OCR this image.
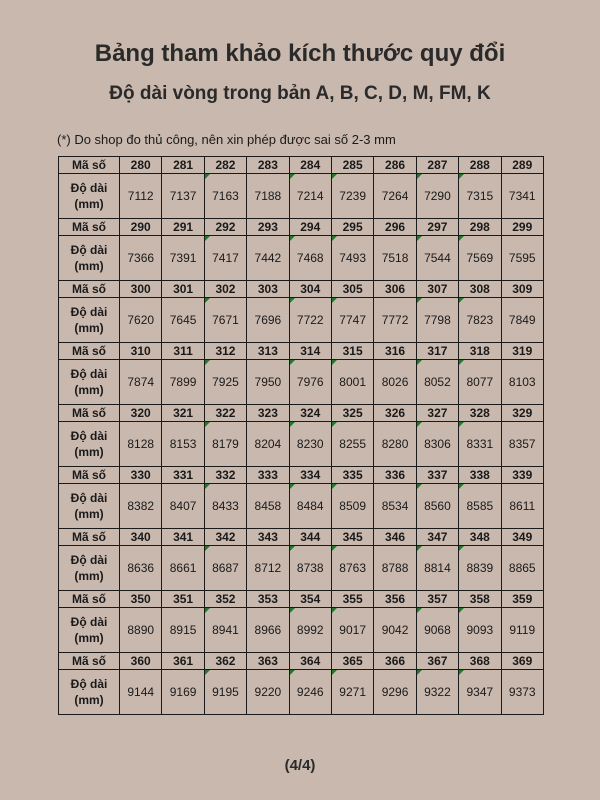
Bảng tham khảo kích thước quy đổi
Độ dài vòng trong bản A, B, C, D, M, FM, K
(*) Do shop đo thủ công, nên xin phép được sai số 2-3 mm
Mã số	280	281	282	283	284	285	286	287	288	289

Độ dài
(mm)	7112	7137	7163	7188	7214	7239	7264	7290	7315	7341
Mã số	290	291	292	293	294	295	296	297	298	299

Độ dài
(mm)	7366	7391	7417	7442	7468	7493	7518	7544	7569	7595
Mã số	300	301	302	303	304	305	306	307	308	309

Độ dài
(mm)	7620	7645	7671	7696	7722	7747	7772	7798	7823	7849
Mã số	310	311	312	313	314	315	316	317	318	319

Độ dài
(mm)	7874	7899	7925	7950	7976	8001	8026	8052	8077	8103
Mã số	320	321	322	323	324	325	326	327	328	329

Độ dài
(mm)	8128	8153	8179	8204	8230	8255	8280	8306	8331	8357
Mã số	330	331	332	333	334	335	336	337	338	339

Độ dài
(mm)	8382	8407	8433	8458	8484	8509	8534	8560	8585	8611
Mã số	340	341	342	343	344	345	346	347	348	349

Độ dài
(mm)	8636	8661	8687	8712	8738	8763	8788	8814	8839	8865
Mã số	350	351	352	353	354	355	356	357	358	359

Độ dài
(mm)	8890	8915	8941	8966	8992	9017	9042	9068	9093	9119
Mã số	360	361	362	363	364	365	366	367	368	369

Độ dài
(mm)	9144	9169	9195	9220	9246	9271	9296	9322	9347	9373
(4/4)
